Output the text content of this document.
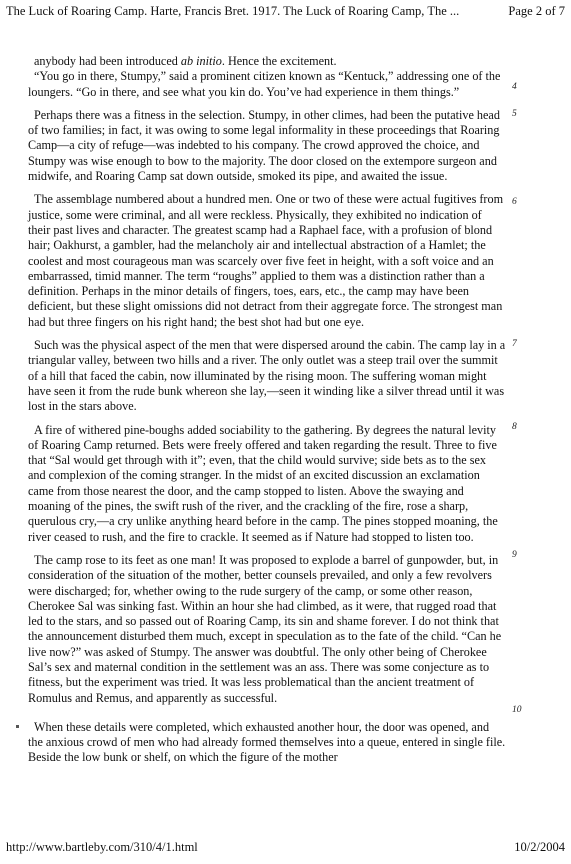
The Luck of Roaring Camp. Harte, Francis Bret. 1917. The Luck of Roaring Camp, The ...	Page 2 of 7

anybody had been introduced ab initio. Hence the excitement.

“You go in there, Stumpy,” said a prominent citizen known as “Kentuck,” addressing one of the loungers. “Go in there, and see what you kin do. You’ve had experience in them things.”	4

Perhaps there was a fitness in the selection. Stumpy, in other climes, had been the putative head of two families; in fact, it was owing to some legal informality in these proceedings that Roaring Camp—a city of refuge—was indebted to his company. The crowd approved the choice, and Stumpy was wise enough to bow to the majority. The door closed on the extempore surgeon and midwife, and Roaring Camp sat down outside, smoked its pipe, and awaited the issue.
5

The assemblage numbered about a hundred men. One or two of these were actual fugitives from justice, some were criminal, and all were reckless. Physically, they exhibited no indication of their past lives and character. The greatest scamp had a Raphael face, with a profusion of blond hair; Oakhurst, a gambler, had the melancholy air and intellectual abstraction of a Hamlet; the coolest and most courageous man was scarcely over five feet in height, with a soft voice and an embarrassed, timid manner. The term “roughs” applied to them was a distinction rather than a definition. Perhaps in the minor details of fingers, toes, ears, etc., the camp may have been deficient, but these slight omissions did not detract from their aggregate force. The strongest man had but three fingers on his right hand; the best shot had but one eye.
6

Such was the physical aspect of the men that were dispersed around the cabin. The camp lay in a triangular valley, between two hills and a river. The only outlet was a steep trail over the summit of a hill that faced the cabin, now illuminated by the rising moon. The suffering woman might have seen it from the rude bunk whereon she lay,—seen it winding like a silver thread until it was lost in the stars above.
7

A fire of withered pine-boughs added sociability to the gathering. By degrees the natural levity of Roaring Camp returned. Bets were freely offered and taken regarding the result. Three to five that “Sal would get through with it”; even, that the child would survive; side bets as to the sex and complexion of the coming stranger. In the midst of an excited discussion an exclamation came from those nearest the door, and the camp stopped to listen. Above the swaying and moaning of the pines, the swift rush of the river, and the crackling of the fire, rose a sharp, querulous cry,—a cry unlike anything heard before in the camp. The pines stopped moaning, the river ceased to rush, and the fire to crackle. It seemed as if Nature had stopped to listen too.
8

The camp rose to its feet as one man! It was proposed to explode a barrel of gunpowder, but, in consideration of the situation of the mother, better counsels prevailed, and only a few revolvers were discharged; for, whether owing to the rude surgery of the camp, or some other reason, Cherokee Sal was sinking fast. Within an hour she had climbed, as it were, that rugged road that led to the stars, and so passed out of Roaring Camp, its sin and shame forever. I do not think that the announcement disturbed them much, except in speculation as to the fate of the child. “Can he live now?” was asked of Stumpy. The answer was doubtful. The only other being of Cherokee Sal’s sex and maternal condition in the settlement was an ass. There was some conjecture as to fitness, but the experiment was tried. It was less problematical than the ancient treatment of Romulus and Remus, and apparently as successful.
9

When these details were completed, which exhausted another hour, the door was opened, and the anxious crowd of men who had already formed themselves into a queue, entered in single file. Beside the low bunk or shelf, on which the figure of the mother
10

http://www.bartleby.com/310/4/1.html	10/2/2004
